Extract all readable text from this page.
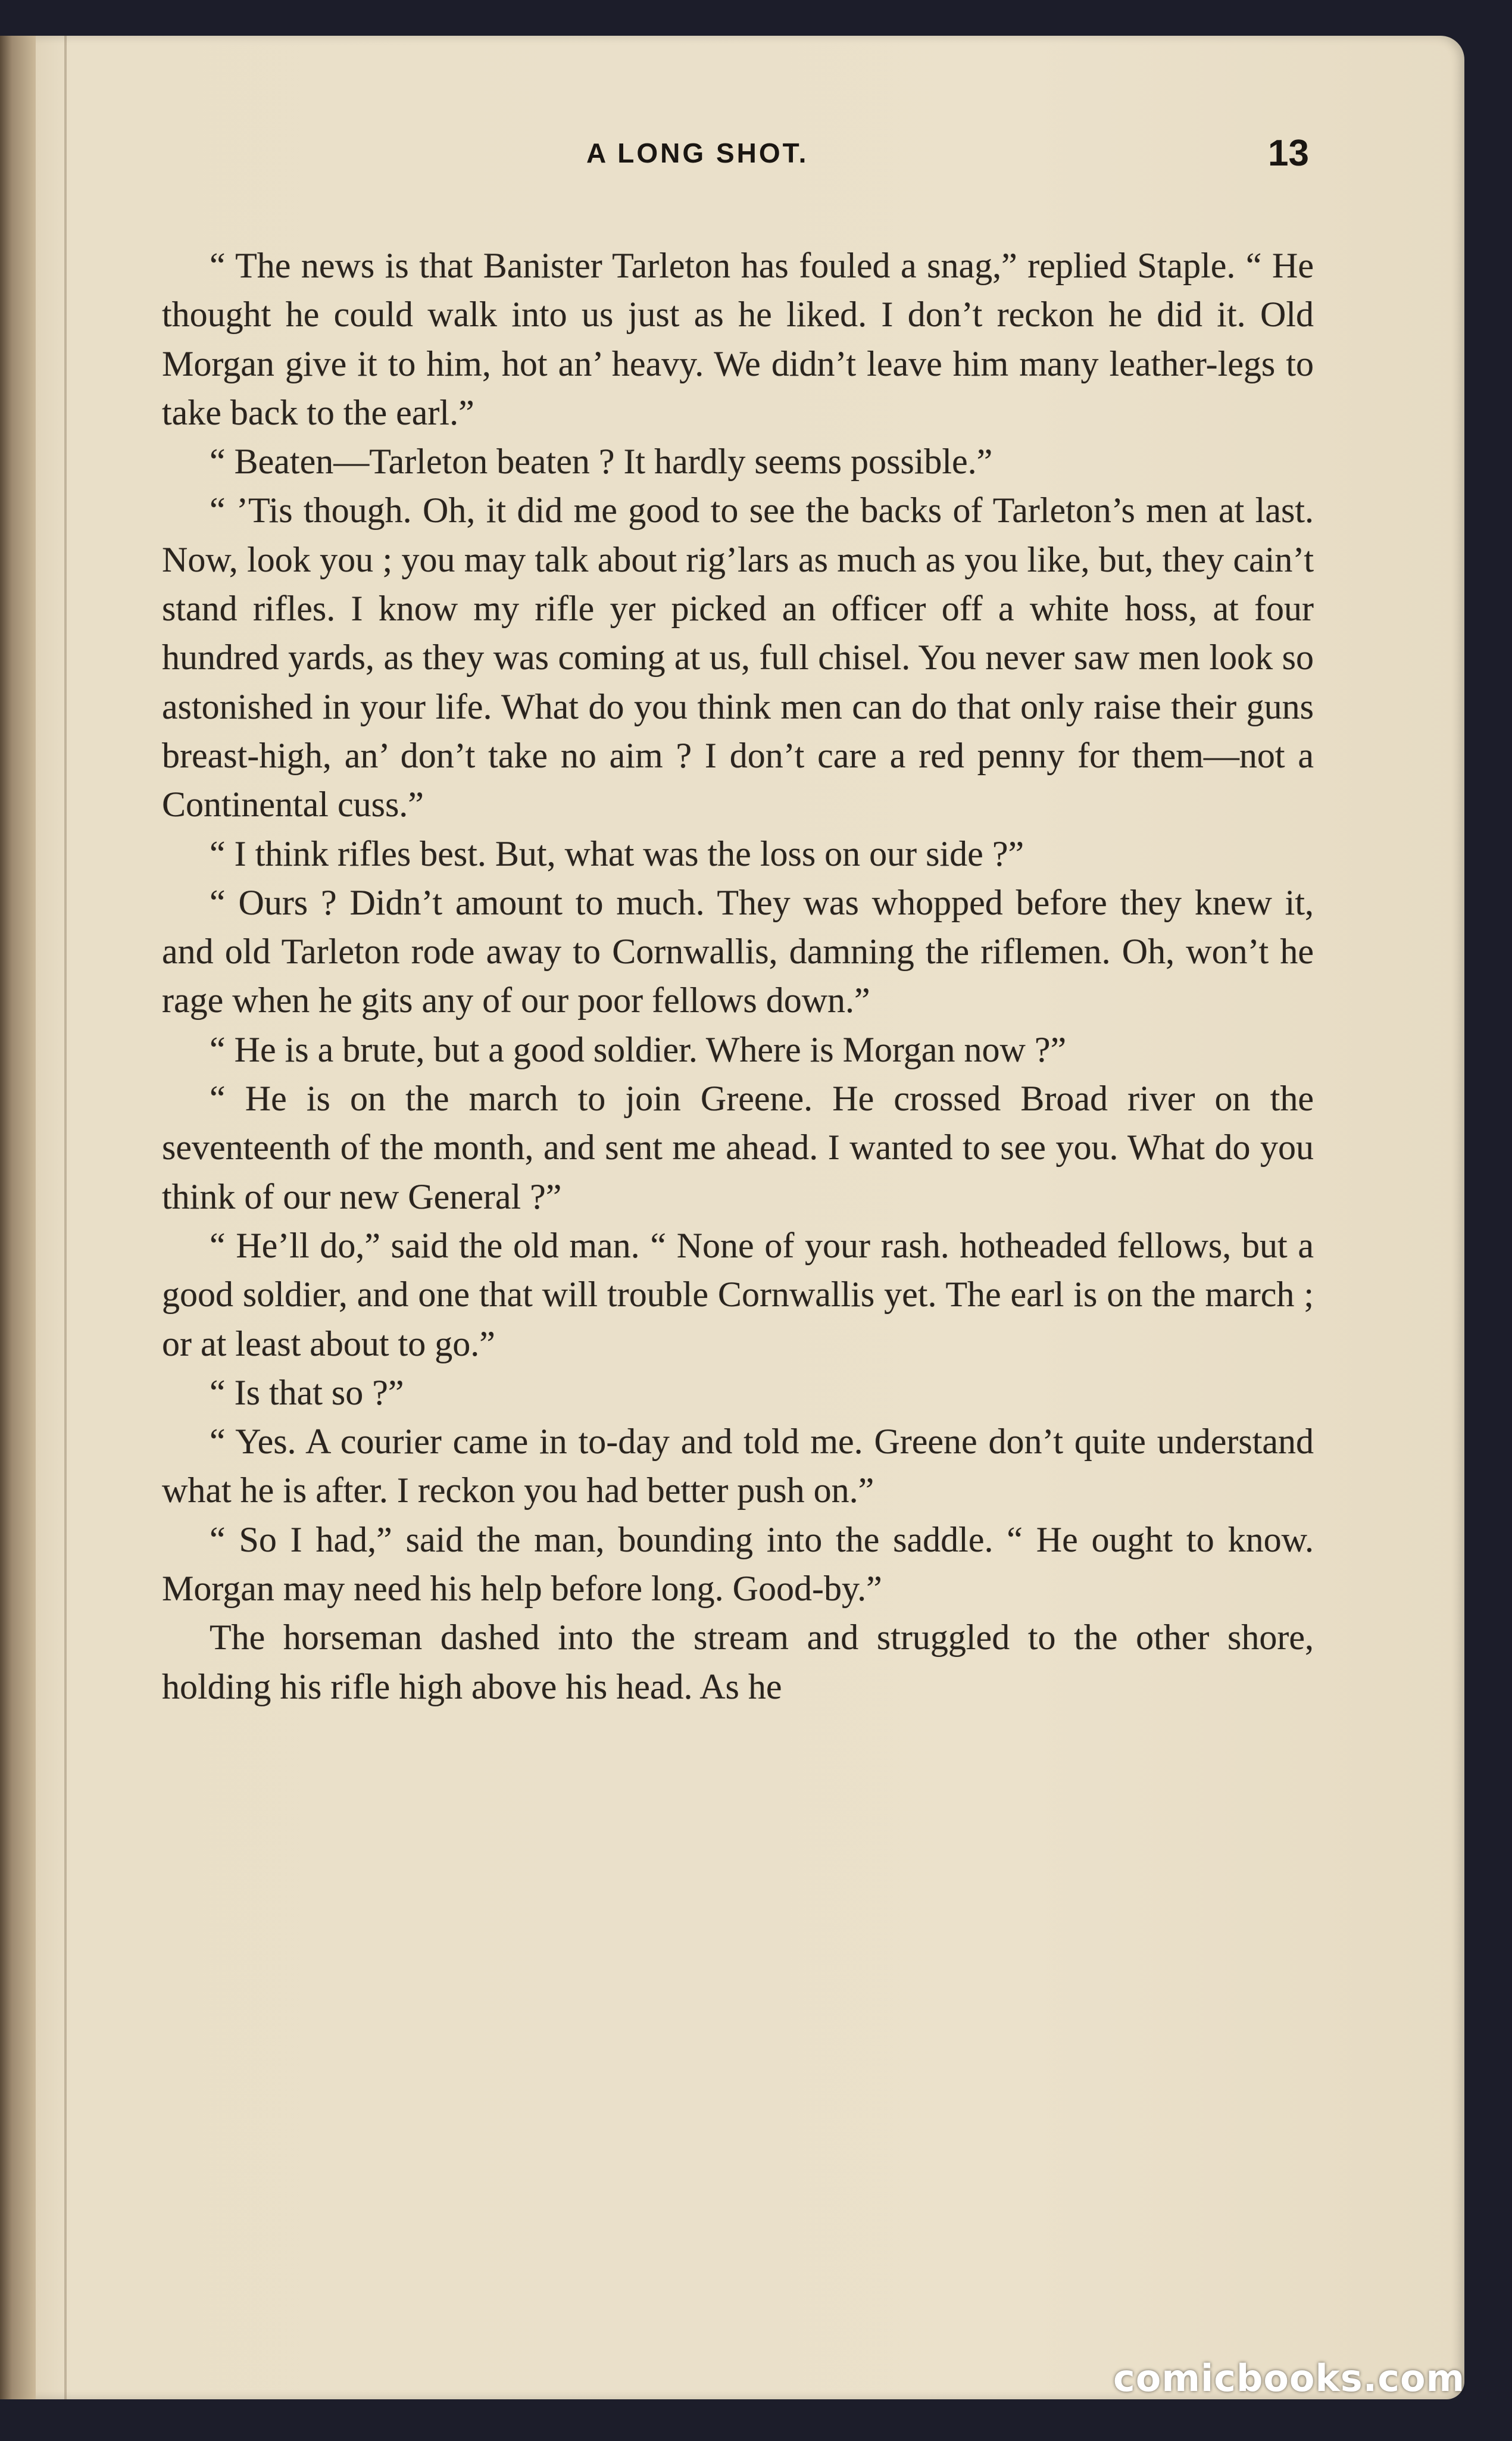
A LONG SHOT.	13

“ The news is that Banister Tarleton has fouled a snag,” replied Staple. “ He thought he could walk into us just as he liked. I don’t reckon he did it. Old Morgan give it to him, hot an’ heavy. We didn’t leave him many leather-legs to take back to the earl.”

“ Beaten—Tarleton beaten ? It hardly seems possible.”

“ ’Tis though. Oh, it did me good to see the backs of Tarleton’s men at last. Now, look you ; you may talk about rig’lars as much as you like, but, they cain’t stand rifles. I know my rifle yer picked an officer off a white hoss, at four hundred yards, as they was coming at us, full chisel. You never saw men look so astonished in your life. What do you think men can do that only raise their guns breast-high, an’ don’t take no aim ? I don’t care a red penny for them—not a Continental cuss.”

“ I think rifles best. But, what was the loss on our side ?”

“ Ours ? Didn’t amount to much. They was whopped before they knew it, and old Tarleton rode away to Cornwallis, damning the riflemen. Oh, won’t he rage when he gits any of our poor fellows down.”

“ He is a brute, but a good soldier. Where is Morgan now ?”

“ He is on the march to join Greene. He crossed Broad river on the seventeenth of the month, and sent me ahead. I wanted to see you. What do you think of our new General ?”

“ He’ll do,” said the old man. “ None of your rash. hotheaded fellows, but a good soldier, and one that will trouble Cornwallis yet. The earl is on the march ; or at least about to go.”

“ Is that so ?”

“ Yes. A courier came in to-day and told me. Greene don’t quite understand what he is after. I reckon you had better push on.”

“ So I had,” said the man, bounding into the saddle. “ He ought to know. Morgan may need his help before long. Good-by.”

The horseman dashed into the stream and struggled to the other shore, holding his rifle high above his head. As he

comicbooks.com
